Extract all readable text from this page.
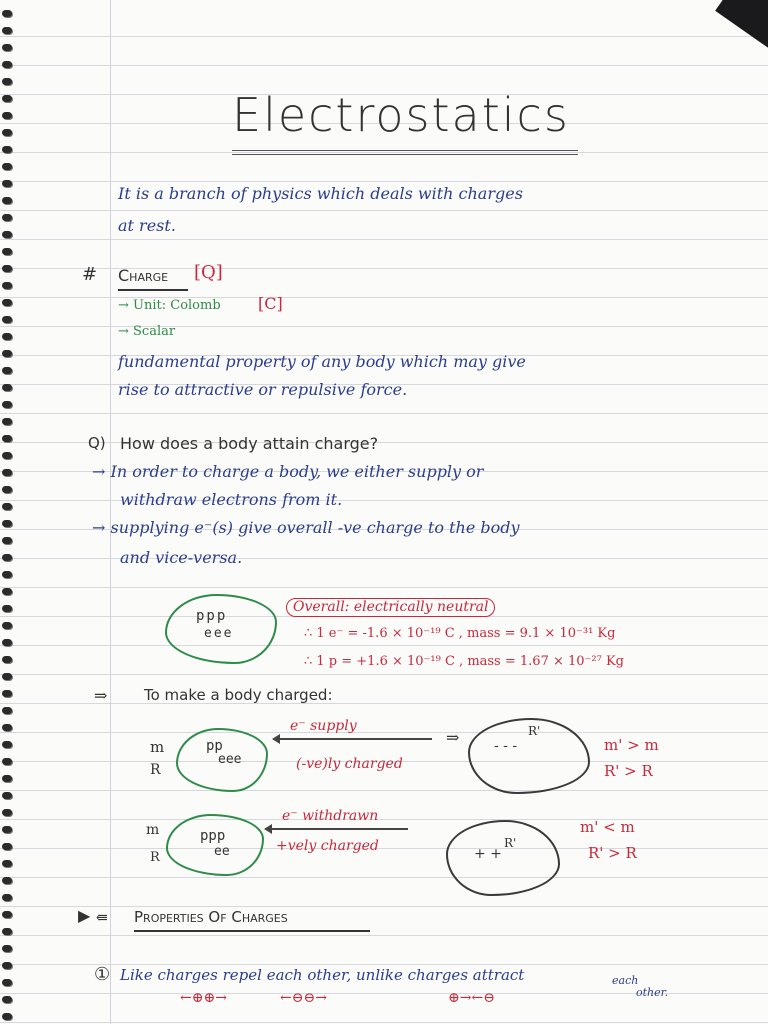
Electrostatics
It is a branch of physics which deals with charges
at rest.
# Charge [Q]
→ Unit: Colomb [C]
→ Scalar
fundamental property of any body which may give
rise to attractive or repulsive force.
Q) How does a body attain charge?
→ In order to charge a body, we either supply or
withdraw electrons from it.
→ supplying e⁻(s) give overall -ve charge to the body
and vice-versa.
ppp
eee
Overall: electrically neutral
∴ 1 e⁻ = -1.6 × 10⁻¹⁹ C , mass = 9.1 × 10⁻³¹ Kg
∴ 1 p = +1.6 × 10⁻¹⁹ C , mass = 1.67 × 10⁻²⁷ Kg
⇒ To make a body charged:
m
R
pp
eee
e⁻ supply
(-ve)ly charged
⇒ - - -
R'
m' > m
R' > R
m
R
ppp
ee
e⁻ withdrawn
+vely charged	+ +
R'
m' < m
R' > R
▶ ⇚ Properties Of Charges
① Like charges repel each other, unlike charges attract	each
other.
←⊕⊕→	←⊖⊖→	⊕→←⊖
